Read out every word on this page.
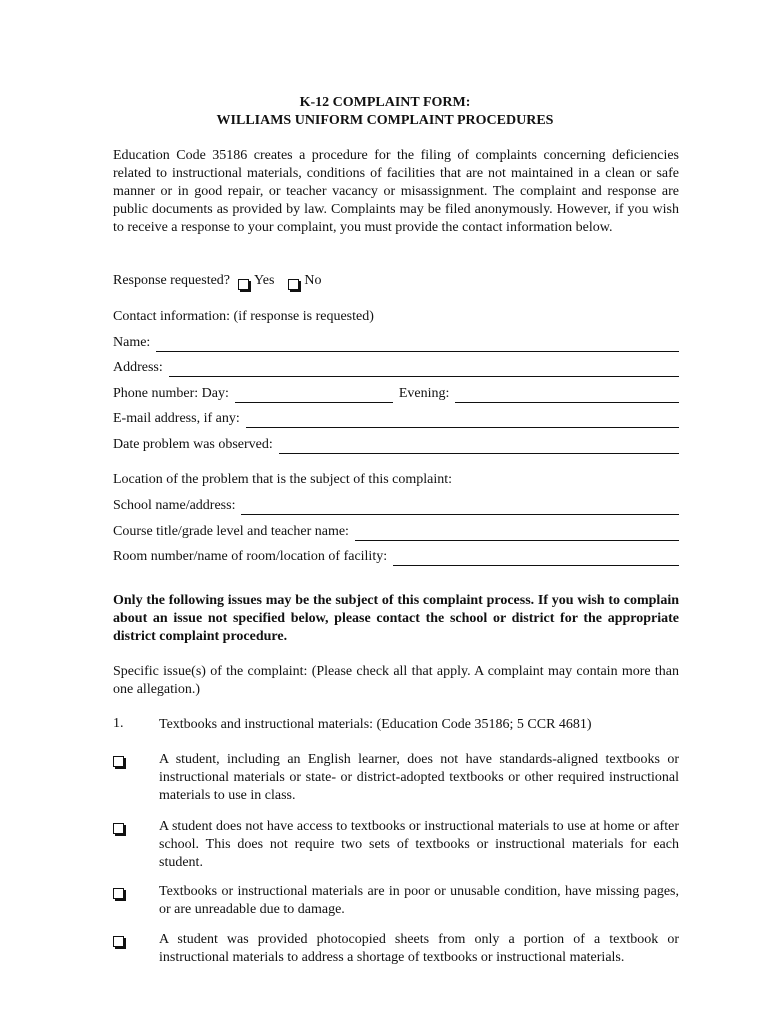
K-12 COMPLAINT FORM:
WILLIAMS UNIFORM COMPLAINT PROCEDURES

Education Code 35186 creates a procedure for the filing of complaints concerning deficiencies related to instructional materials, conditions of facilities that are not maintained in a clean or safe manner or in good repair, or teacher vacancy or misassignment. The complaint and response are public documents as provided by law. Complaints may be filed anonymously. However, if you wish to receive a response to your complaint, you must provide the contact information below.

Response requested? Yes No
Contact information: (if response is requested)
Name:
Address:
Phone number: Day:	Evening:
E-mail address, if any:
Date problem was observed:
Location of the problem that is the subject of this complaint:
School name/address:
Course title/grade level and teacher name:
Room number/name of room/location of facility:

Only the following issues may be the subject of this complaint process. If you wish to complain about an issue not specified below, please contact the school or district for the appropriate district complaint procedure.

Specific issue(s) of the complaint: (Please check all that apply. A complaint may contain more than one allegation.)

1.	Textbooks and instructional materials: (Education Code 35186; 5 CCR 4681)

A student, including an English learner, does not have standards-aligned textbooks or instructional materials or state- or district-adopted textbooks or other required instructional materials to use in class.

A student does not have access to textbooks or instructional materials to use at home or after school. This does not require two sets of textbooks or instructional materials for each student.

Textbooks or instructional materials are in poor or unusable condition, have missing pages, or are unreadable due to damage.

A student was provided photocopied sheets from only a portion of a textbook or instructional materials to address a shortage of textbooks or instructional materials.
